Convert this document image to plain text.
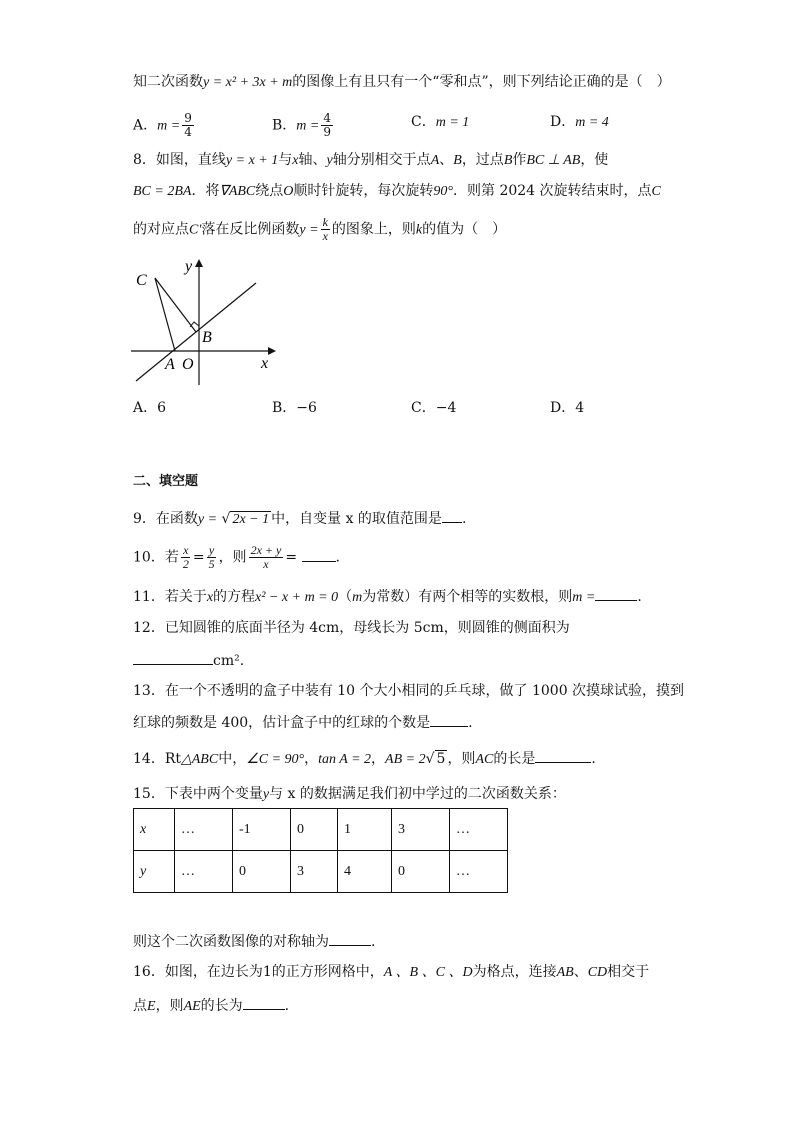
知二次函数y = x² + 3x + m的图像上有且只有一个“零和点”，则下列结论正确的是（　）
A．$m = \frac{9}{4}$	B．$m = \frac{4}{9}$	C．m = 1	D．m = 4
8．如图，直线y = x + 1与x轴、y轴分别相交于点A、B，过点B作BC ⊥ AB，使
BC = 2BA．将∇ABC绕点O顺时针旋转，每次旋转90°．则第 2024 次旋转结束时，点C
的对应点C′落在反比例函数$y = \frac{k}{x}$ 的图象上，则k的值为（　）
C
y
B
A O	x
A．6	B．−6	C．−4	D．4
二、填空题
9．在函数y = √ 2x − 1 中，自变量 x 的取值范围是 .
10．若 $\frac{x}{2} = \frac{y}{5}$ ，则 $\frac{2x + y}{x}$ =	.
11．若关于x的方程x² − x + m = 0（m为常数）有两个相等的实数根，则m =	.
12．已知圆锥的底面半径为 4cm，母线长为 5cm，则圆锥的侧面积为
cm².
13．在一个不透明的盒子中装有 10 个大小相同的乒乓球，做了 1000 次摸球试验，摸到
红球的频数是 400，估计盒子中的红球的个数是	.
14．Rt△ABC中，∠C = 90°，tan A = 2，AB = 2√ 5 ，则AC的长是	.
15．下表中两个变量y与 x 的数据满足我们初中学过的二次函数关系：
x	…	-1	0	1	3	…
y	…	0	3	4	0	…
则这个二次函数图像的对称轴为	.
16．如图，在边长为1的正方形网格中，A 、B 、C 、D为格点，连接AB、CD相交于
点E，则AE的长为	.
